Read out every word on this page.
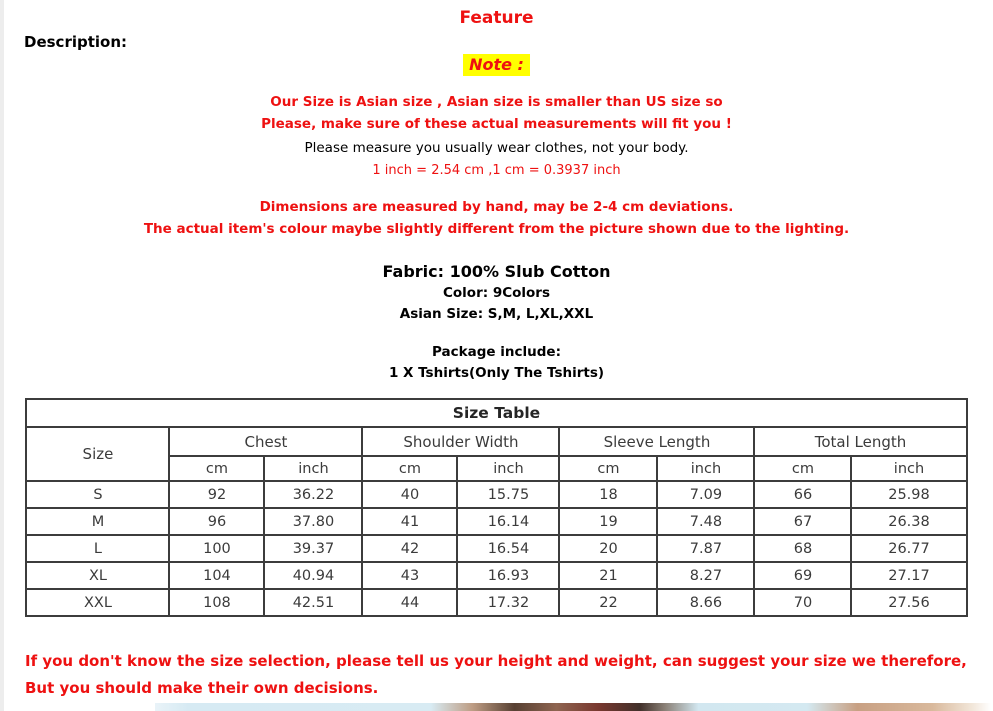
Feature
Description:
Note :
Our Size is Asian size , Asian size is smaller than US size so
Please, make sure of these actual measurements will fit you !
Please measure you usually wear clothes, not your body.
1 inch = 2.54 cm ,1 cm = 0.3937 inch
Dimensions are measured by hand, may be 2-4 cm deviations.
The actual item's colour maybe slightly different from the picture shown due to the lighting.
Fabric: 100% Slub Cotton
Color: 9Colors
Asian Size: S,M, L,XL,XXL
Package include:
1 X Tshirts(Only The Tshirts)
Size Table								
Size	Chest		Shoulder Width		Sleeve Length		Total Length	
	cm	inch	cm	inch	cm	inch	cm	inch
S	92	36.22	40	15.75	18	7.09	66	25.98
M	96	37.80	41	16.14	19	7.48	67	26.38
L	100	39.37	42	16.54	20	7.87	68	26.77
XL	104	40.94	43	16.93	21	8.27	69	27.17
XXL	108	42.51	44	17.32	22	8.66	70	27.56
If you don't know the size selection, please tell us your height and weight, can suggest your size we therefore,
But you should make their own decisions.
